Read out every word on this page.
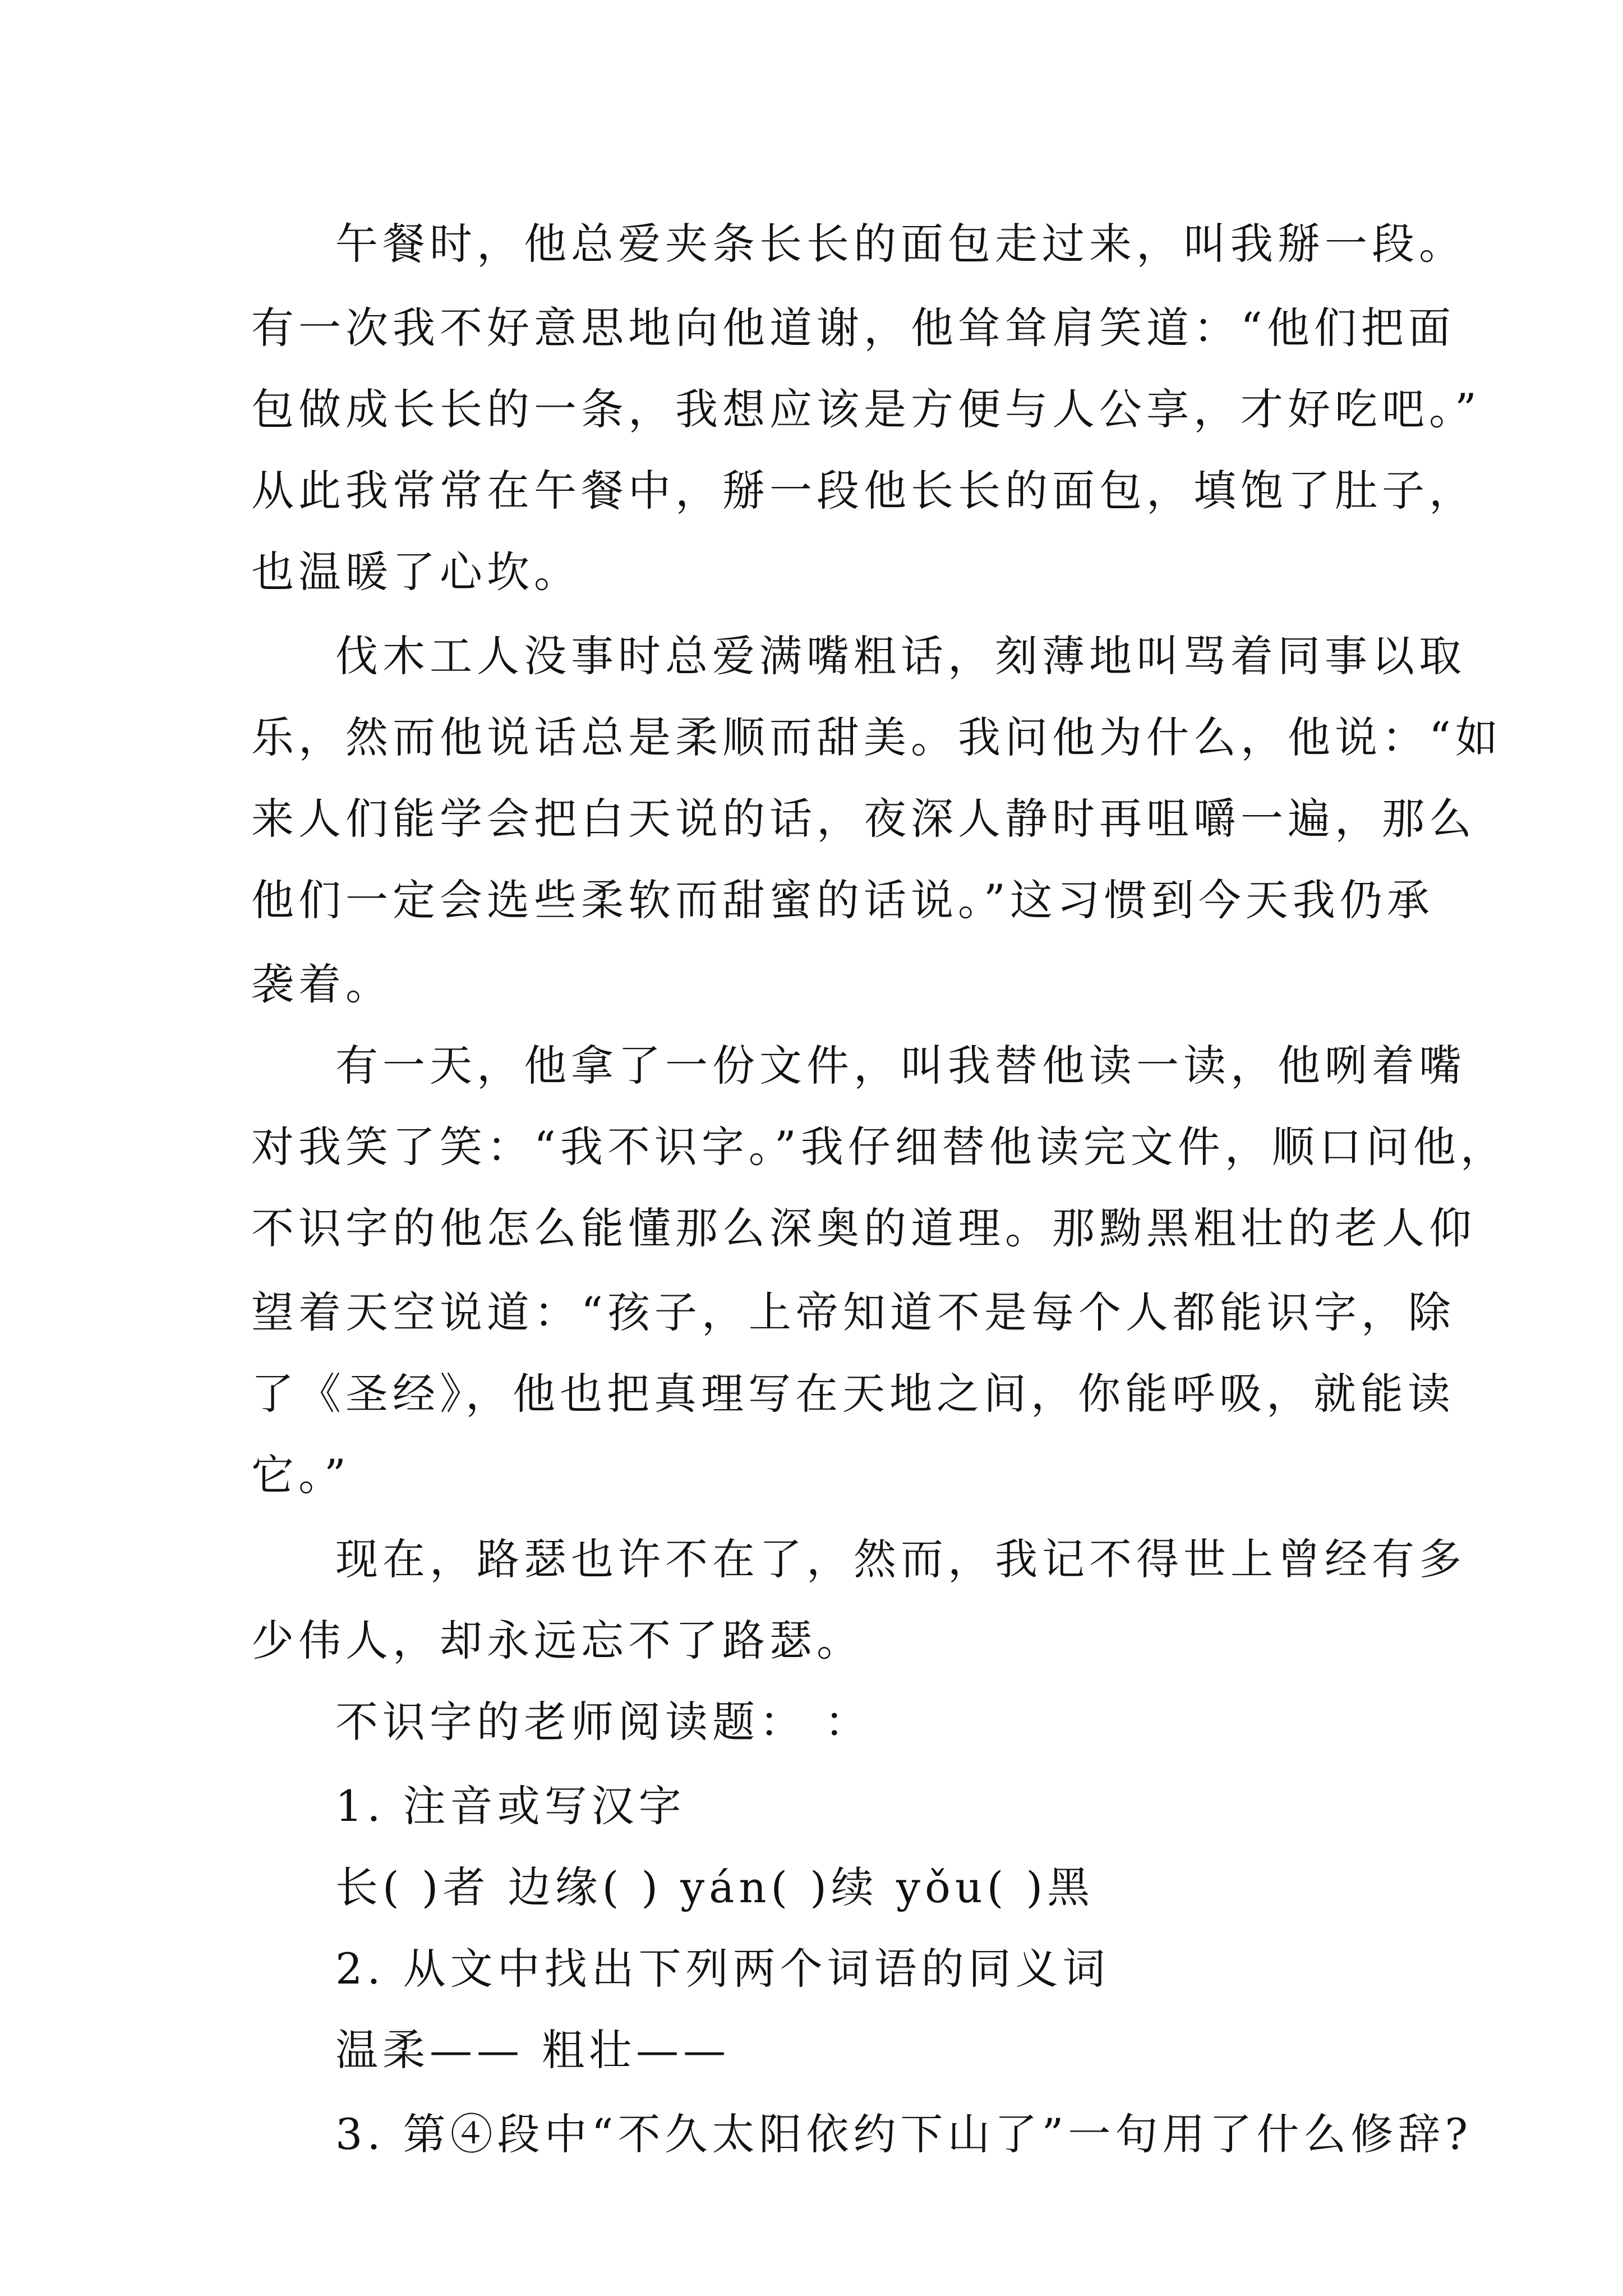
午餐时，他总爱夹条长长的面包走过来，叫我掰一段。
有一次我不好意思地向他道谢，他耸耸肩笑道：“他们把面
包做成长长的一条，我想应该是方便与人公享，才好吃吧。”
从此我常常在午餐中，掰一段他长长的面包，填饱了肚子，
也温暖了心坎。
伐木工人没事时总爱满嘴粗话，刻薄地叫骂着同事以取
乐，然而他说话总是柔顺而甜美。我问他为什么，他说：“如
来人们能学会把白天说的话，夜深人静时再咀嚼一遍，那么
他们一定会选些柔软而甜蜜的话说。”这习惯到今天我仍承
袭着。
有一天，他拿了一份文件，叫我替他读一读，他咧着嘴
对我笑了笑：“我不识字。”我仔细替他读完文件，顺口问他，
不识字的他怎么能懂那么深奥的道理。那黝黑粗壮的老人仰
望着天空说道：“孩子，上帝知道不是每个人都能识字，除
了《圣经》，他也把真理写在天地之间，你能呼吸，就能读
它。”
现在，路瑟也许不在了，然而，我记不得世上曾经有多
少伟人，却永远忘不了路瑟。
不识字的老师阅读题： ：
1. 注音或写汉字
长( )者 边缘( ) yán( )续 yǒu( )黑
2. 从文中找出下列两个词语的同义词
温柔—— 粗壮——
3. 第④段中“不久太阳依约下山了”一句用了什么修辞?
